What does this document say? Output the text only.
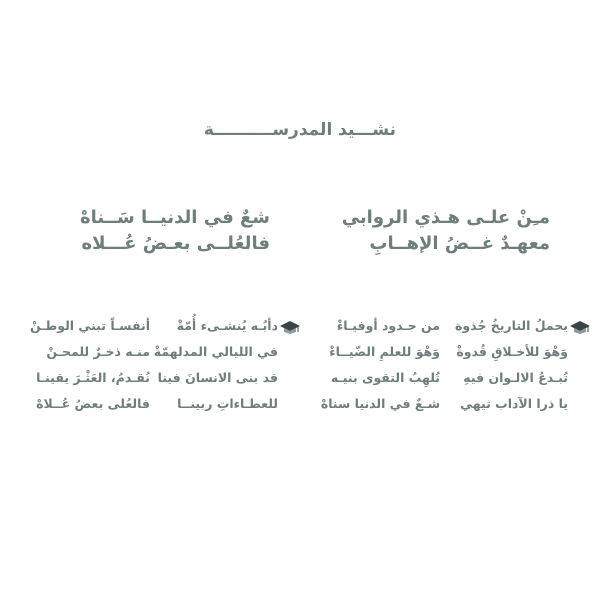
نشـــيد المدرســــــــــة
مـِنْ علـى هـذي الروابي
معهـدٌ غــضُ الإهــابِ
شعٌ في الدنيــا سَــناهْ
فالعُلــى بعـضُ عُـــلاه
يحملُ التاريخُ جُذوة
من جـدود أوفيـاءْ
وَهْوَ للأخـلاقِ قُدوةْ
وَهْوَ للعلمِ الضّيــاءْ
تُبـدعُ الالـوان فيهِ
تُلهِبُ التقوى بنيـه
يا ذرا الآداب تيهي
شـعٌ في الدنيا سناهْ
دأبُـه يُنشـىء أُمّةْ
أنفسـاً تبني الوطـنْ
في الليالي المدلهمّةْ
منـه ذخـرٌ للمحـنْ
قد بنى الانسانَ فينا
نُقـدمُ، العَثْـرَ يقينـا
للعطـاءاتِ ربينــا
فالعُلى بعضُ عُــلاهْ
